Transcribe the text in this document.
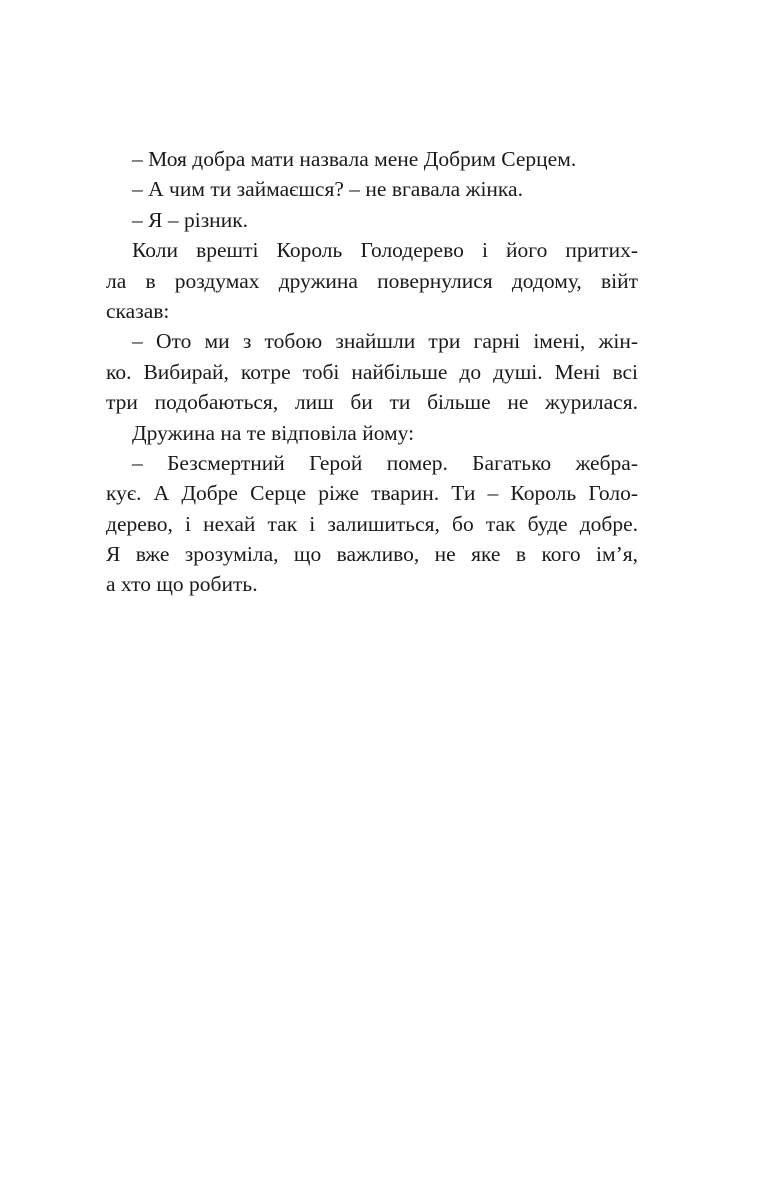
– Моя добра мати назвала мене Добрим Серцем.
– А чим ти займаєшся? – не вгавала жінка.
– Я – різник.
Коли врешті Король Голодерево і його притих-
ла в роздумах дружина повернулися додому, війт
сказав:
– Ото ми з тобою знайшли три гарні імені, жін-
ко. Вибирай, котре тобі найбільше до душі. Мені всі
три подобаються, лиш би ти більше не журилася.
Дружина на те відповіла йому:
– Безсмертний Герой помер. Багатько жебра-
кує. А Добре Серце ріже тварин. Ти – Король Голо-
дерево, і нехай так і залишиться, бо так буде добре.
Я вже зрозуміла, що важливо, не яке в кого ім’я,
а хто що робить.
